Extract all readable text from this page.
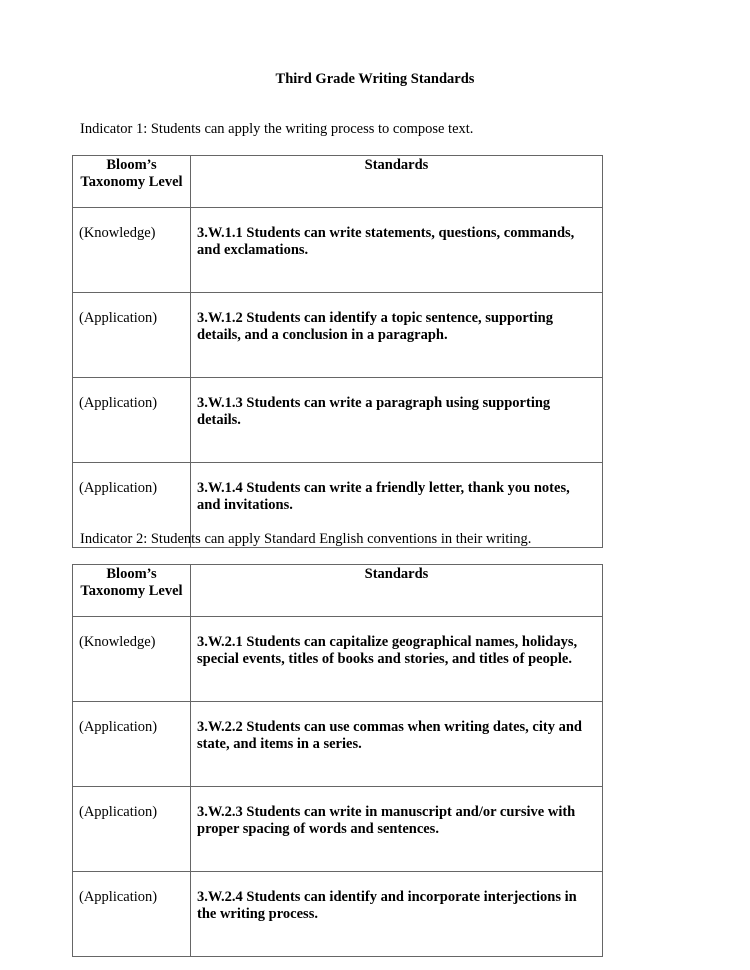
Third Grade Writing Standards
Indicator 1: Students can apply the writing process to compose text.
Bloom’s Taxonomy Level	Standards
(Knowledge)	3.W.1.1 Students can write statements, questions, commands, and exclamations.
(Application)	3.W.1.2 Students can identify a topic sentence, supporting details, and a conclusion in a paragraph.
(Application)	3.W.1.3 Students can write a paragraph using supporting details.
(Application)	3.W.1.4 Students can write a friendly letter, thank you notes, and invitations.
Indicator 2: Students can apply Standard English conventions in their writing.
Bloom’s Taxonomy Level	Standards
(Knowledge)	3.W.2.1 Students can capitalize geographical names, holidays, special events, titles of books and stories, and titles of people.
(Application)	3.W.2.2 Students can use commas when writing dates, city and state, and items in a series.
(Application)	3.W.2.3 Students can write in manuscript and/or cursive with proper spacing of words and sentences.
(Application)	3.W.2.4 Students can identify and incorporate interjections in the writing process.
